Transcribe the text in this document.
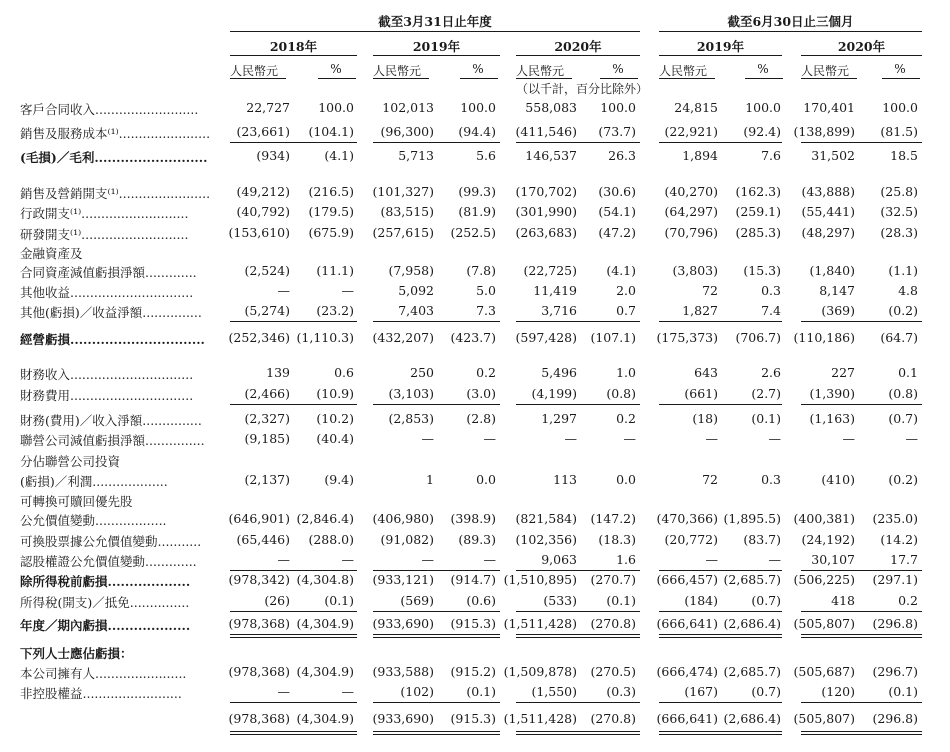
截至3月31日止年度	截至6月30日止三個月
2018年	2019年	2020年	2019年	2020年
人民幣元	%	人民幣元	%	人民幣元	%	人民幣元	%	人民幣元	%
（以千計，百分比除外）
客戶合同收入..........................	22,727 100.0 102,013 100.0 558,083 100.0	24,815 100.0 170,401 100.0
銷售及服務成本⁽¹⁾....................... (23,661) (104.1) (96,300) (94.4) (411,546) (73.7) (22,921) (92.4) (138,899) (81.5)
(毛損)／毛利..........................	(934)	(4.1)	5,713	5.6 146,537 26.3	1,894	7.6 31,502	18.5
銷售及營銷開支⁽¹⁾....................... (49,212) (216.5) (101,327) (99.3) (170,702) (30.6) (40,270) (162.3) (43,888) (25.8)
行政開支⁽¹⁾...........................	(40,792) (179.5) (83,515) (81.9) (301,990) (54.1) (64,297) (259.1) (55,441) (32.5)
研發開支⁽¹⁾...........................	(153,610) (675.9) (257,615) (252.5) (263,683) (47.2) (70,796) (285.3) (48,297) (28.3)
金融資產及
合同資產減值虧損淨額.............	(2,524) (11.1)	(7,958)	(7.8) (22,725) (4.1)	(3,803) (15.3) (1,840)	(1.1)
其他收益...............................	—	—	5,092	5.0	11,419	2.0	72	0.3	8,147	4.8
其他(虧損)／收益淨額...............	(5,274) (23.2)	7,403	7.3	3,716	0.7	1,827	7.4	(369)	(0.2)
經營虧損............................... (252,346) (1,110.3) (432,207) (423.7) (597,428) (107.1) (175,373) (706.7) (110,186) (64.7)
財務收入...............................	139	0.6	250	0.2	5,496	1.0	643	2.6	227	0.1
財務費用...............................	(2,466) (10.9)	(3,103)	(3.0)	(4,199) (0.8)	(661)	(2.7) (1,390)	(0.8)
財務(費用)／收入淨額...............	(2,327) (10.2)	(2,853)	(2.8)	1,297	0.2	(18)	(0.1) (1,163)	(0.7)
聯營公司減值虧損淨額...............	(9,185) (40.4)	—	—	—	—	—	—	—	—
分佔聯營公司投資
(虧損)／利潤...................	(2,137)	(9.4)	1	0.0	113	0.0	72	0.3	(410)	(0.2)
可轉換可贖回優先股
公允價值變動..................	(646,901) (2,846.4) (406,980) (398.9) (821,584) (147.2) (470,366) (1,895.5) (400,381) (235.0)
可換股票據公允價值變動...........	(65,446) (288.0) (91,082) (89.3) (102,356) (18.3) (20,772) (83.7) (24,192) (14.2)
認股權證公允價值變動.............	—	—	—	—	9,063	1.6	—	— 30,107	17.7
除所得稅前虧損...................	(978,342) (4,304.8) (933,121) (914.7) (1,510,895) (270.7) (666,457) (2,685.7) (506,225) (297.1)
所得稅(開支)／抵免...............	(26)	(0.1)	(569)	(0.6)	(533) (0.1)	(184)	(0.7)	418	0.2
年度／期內虧損...................	(978,368) (4,304.9) (933,690) (915.3) (1,511,428) (270.8) (666,641) (2,686.4) (505,807) (296.8)
下列人士應佔虧損：
本公司擁有人.......................	(978,368) (4,304.9) (933,588) (915.2) (1,509,878) (270.5) (666,474) (2,685.7) (505,687) (296.7)
非控股權益.........................	—	—	(102)	(0.1)	(1,550) (0.3)	(167)	(0.7)	(120)	(0.1)
(978,368) (4,304.9) (933,690) (915.3) (1,511,428) (270.8) (666,641) (2,686.4) (505,807) (296.8)
